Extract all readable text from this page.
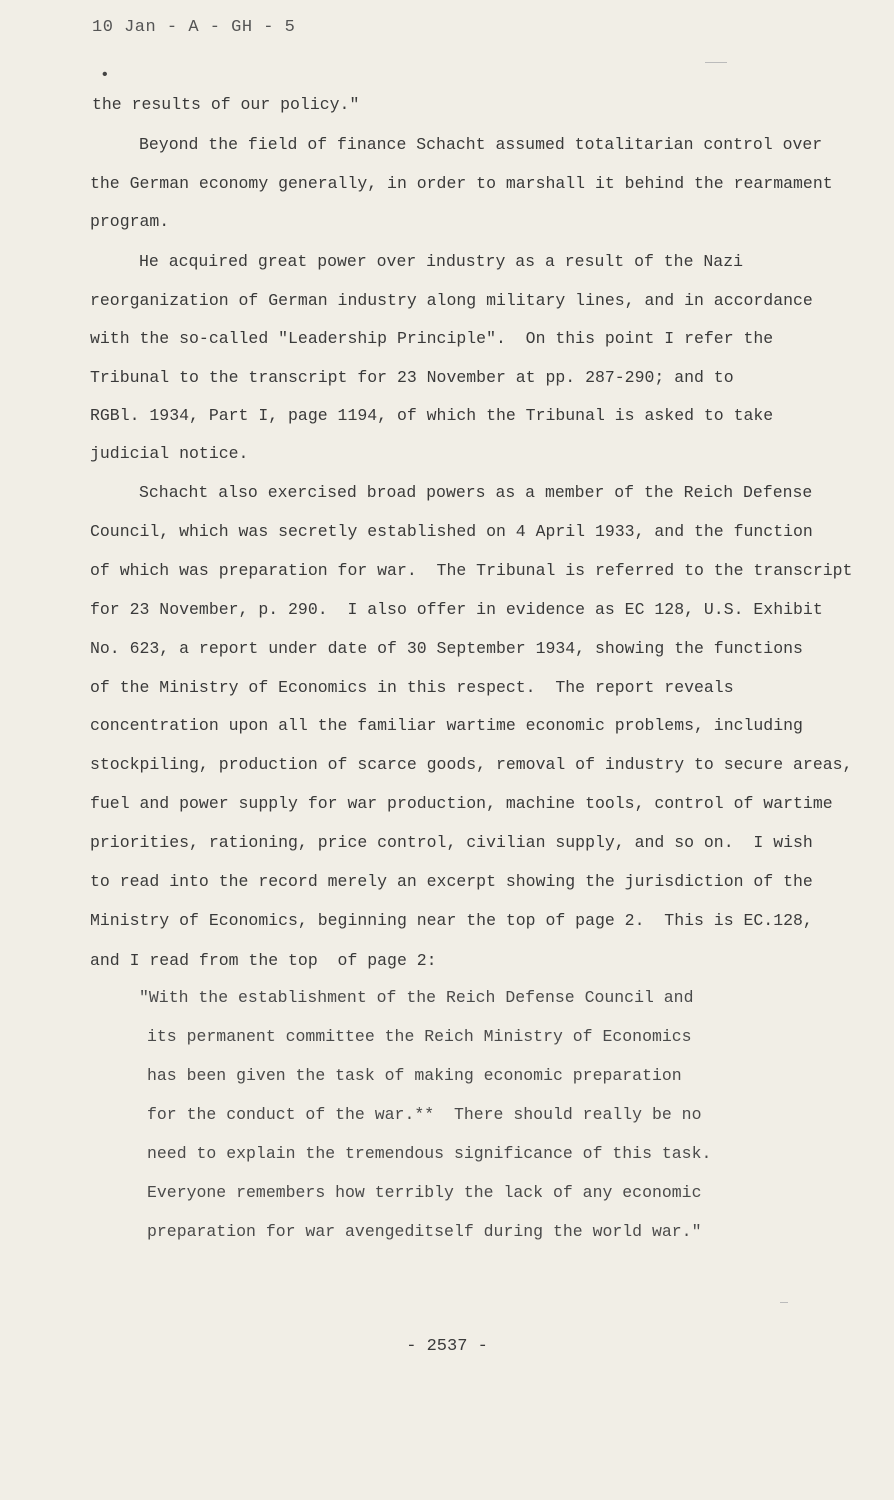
10 Jan - A - GH - 5
•
the results of our policy."
Beyond the field of finance Schacht assumed totalitarian control over
the German economy generally, in order to marshall it behind the rearmament
program.
He acquired great power over industry as a result of the Nazi
reorganization of German industry along military lines, and in accordance
with the so-called "Leadership Principle".  On this point I refer the
Tribunal to the transcript for 23 November at pp. 287-290; and to
RGBl. 1934, Part I, page 1194, of which the Tribunal is asked to take
judicial notice.
Schacht also exercised broad powers as a member of the Reich Defense
Council, which was secretly established on 4 April 1933, and the function
of which was preparation for war.  The Tribunal is referred to the transcript
for 23 November, p. 290.  I also offer in evidence as EC 128, U.S. Exhibit
No. 623, a report under date of 30 September 1934, showing the functions
of the Ministry of Economics in this respect.  The report reveals
concentration upon all the familiar wartime economic problems, including
stockpiling, production of scarce goods, removal of industry to secure areas,
fuel and power supply for war production, machine tools, control of wartime
priorities, rationing, price control, civilian supply, and so on.  I wish
to read into the record merely an excerpt showing the jurisdiction of the
Ministry of Economics, beginning near the top of page 2.  This is EC.128,
and I read from the top  of page 2:
"With the establishment of the Reich Defense Council and
its permanent committee the Reich Ministry of Economics
has been given the task of making economic preparation
for the conduct of the war.**  There should really be no
need to explain the tremendous significance of this task.
Everyone remembers how terribly the lack of any economic
preparation for war avengeditself during the world war."
- 2537 -
